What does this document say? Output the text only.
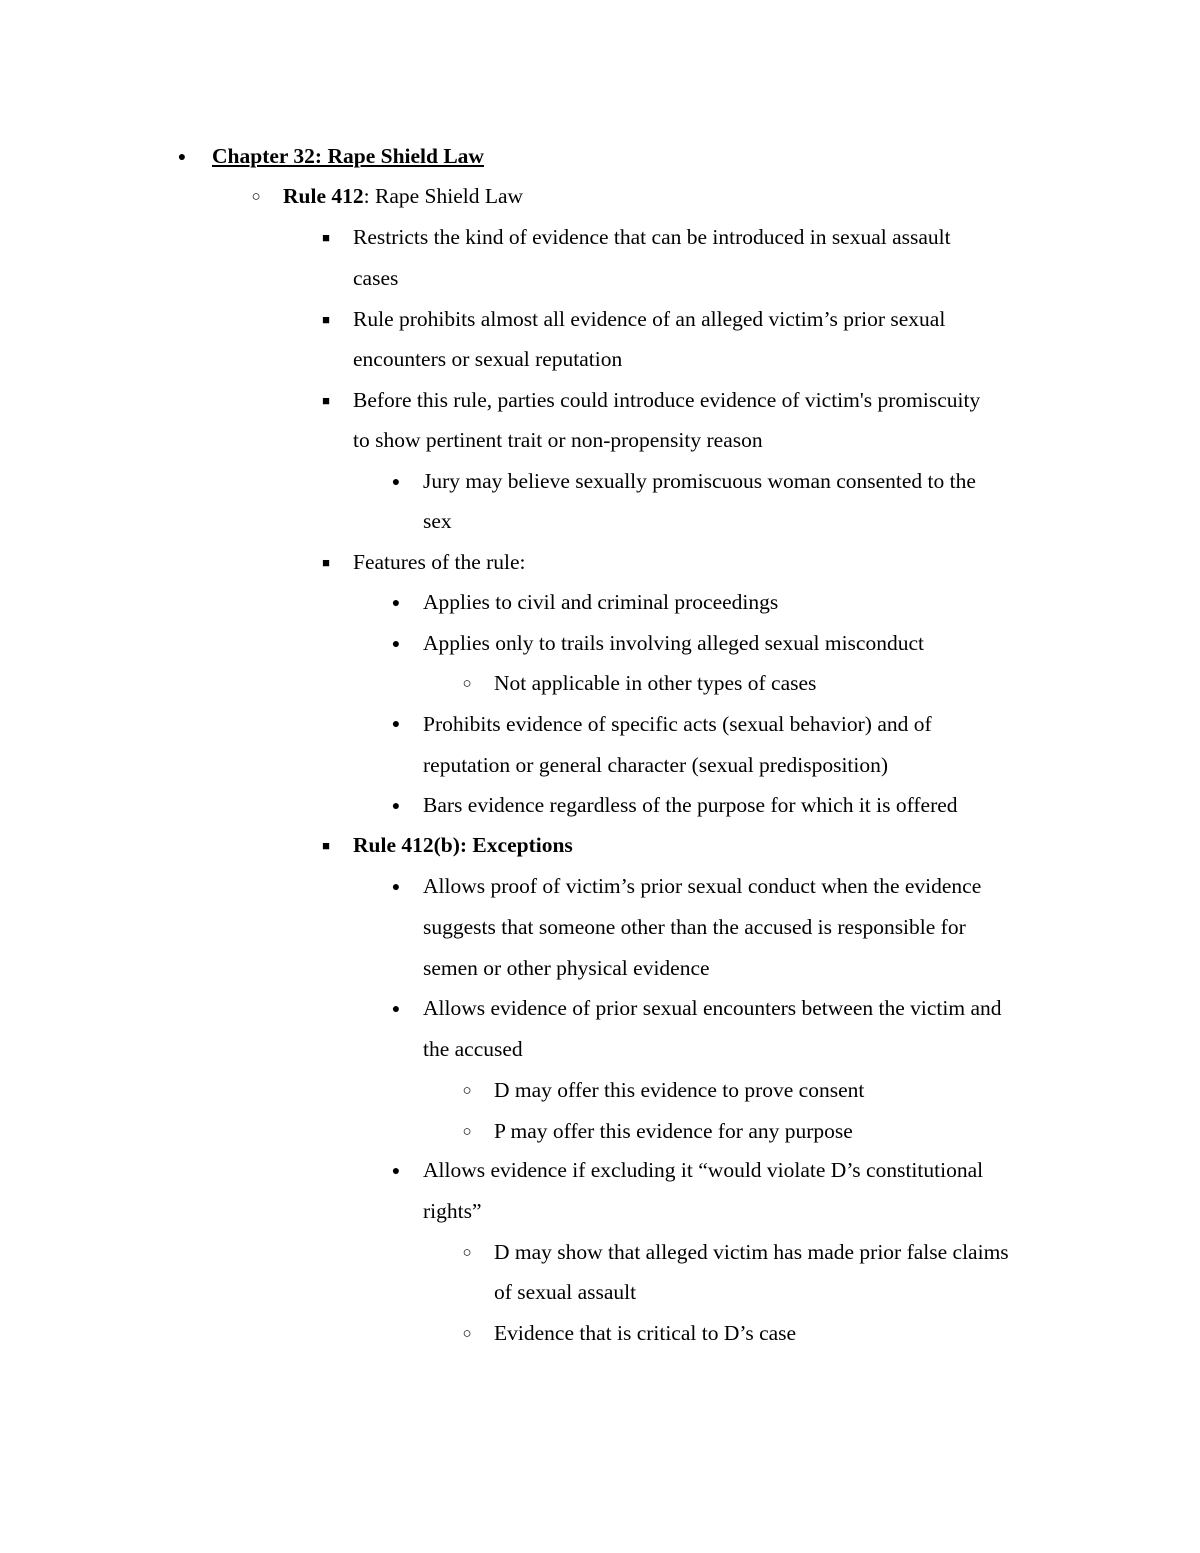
●	Chapter 32: Rape Shield Law
○	Rule 412: Rape Shield Law
■	Restricts the kind of evidence that can be introduced in sexual assault
cases
■	Rule prohibits almost all evidence of an alleged victim’s prior sexual
encounters or sexual reputation
■	Before this rule, parties could introduce evidence of victim's promiscuity
to show pertinent trait or non-propensity reason
●	Jury may believe sexually promiscuous woman consented to the
sex
■	Features of the rule:
●	Applies to civil and criminal proceedings
●	Applies only to trails involving alleged sexual misconduct
○	Not applicable in other types of cases
●	Prohibits evidence of specific acts (sexual behavior) and of
reputation or general character (sexual predisposition)
●	Bars evidence regardless of the purpose for which it is offered
■	Rule 412(b): Exceptions
●	Allows proof of victim’s prior sexual conduct when the evidence
suggests that someone other than the accused is responsible for
semen or other physical evidence
●	Allows evidence of prior sexual encounters between the victim and
the accused
○	D may offer this evidence to prove consent
○	P may offer this evidence for any purpose
●	Allows evidence if excluding it “would violate D’s constitutional
rights”
○	D may show that alleged victim has made prior false claims
of sexual assault
○	Evidence that is critical to D’s case
